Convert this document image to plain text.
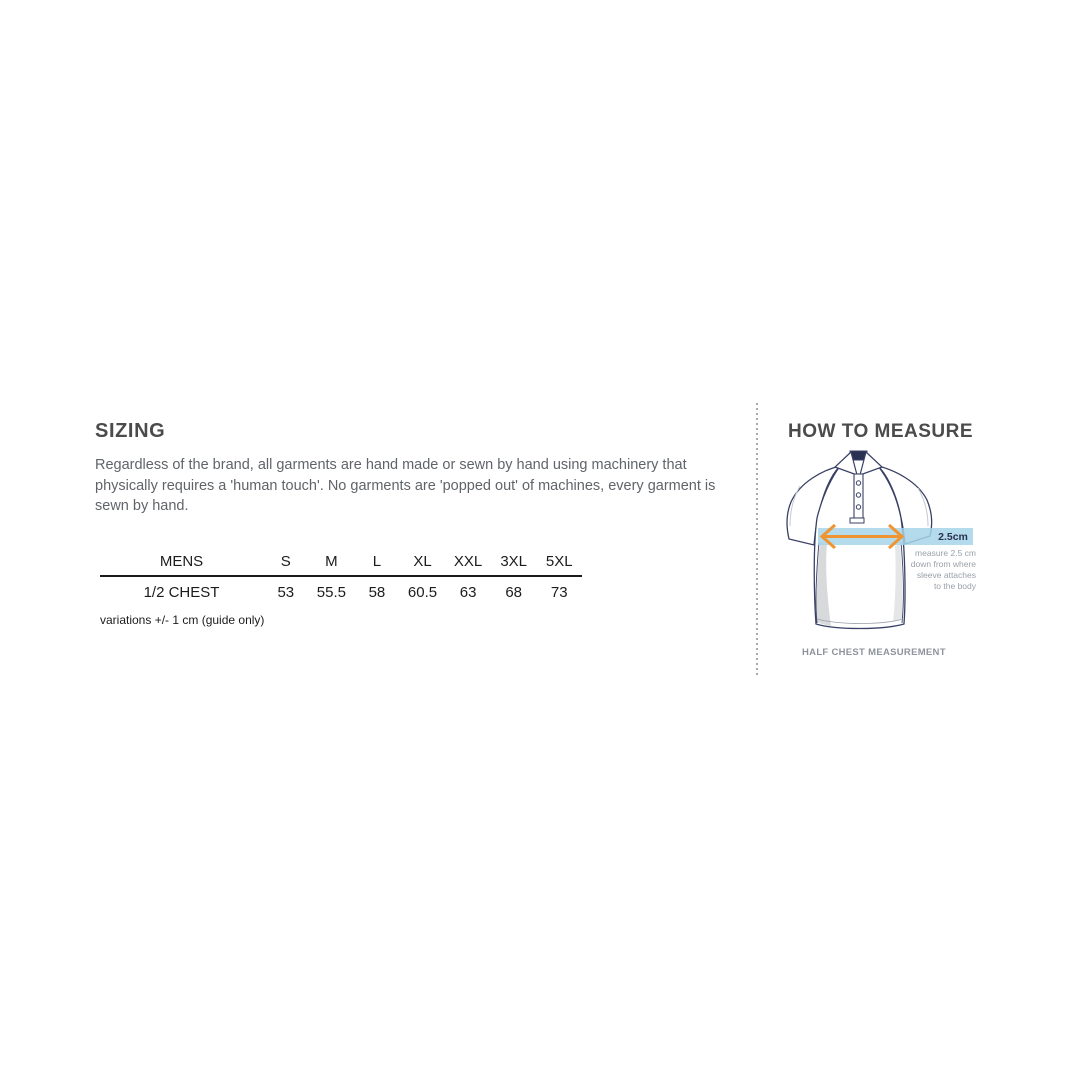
SIZING
Regardless of the brand, all garments are hand made or sewn by hand using machinery that
physically requires a 'human touch'. No garments are 'popped out' of machines, every garment is
sewn by hand.
MENS	S	M	L	XL	XXL	3XL	5XL
1/2 CHEST	53	55.5	58	60.5	63	68	73
variations +/- 1 cm (guide only)
HOW TO MEASURE
2.5cm
measure 2.5 cm
down from where
sleeve attaches
to the body
HALF CHEST MEASUREMENT
